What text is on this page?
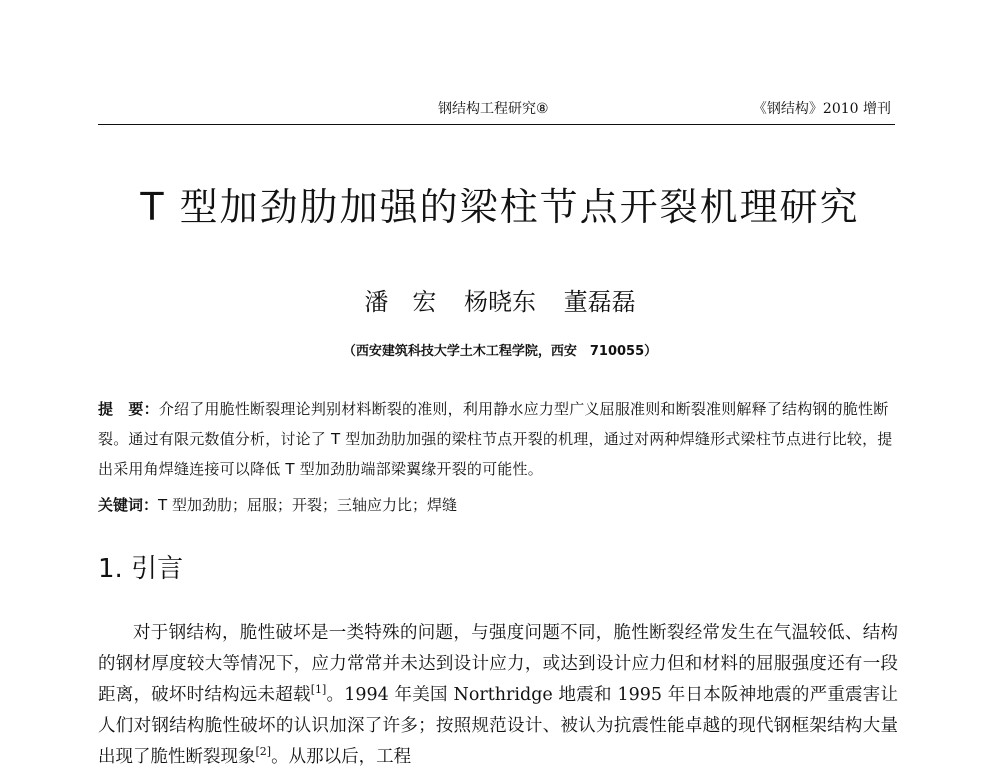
钢结构工程研究⑧	《钢结构》2010 增刊
T 型加劲肋加强的梁柱节点开裂机理研究
潘　宏 杨晓东 董磊磊
（西安建筑科技大学土木工程学院，西安　710055）
提　要：介绍了用脆性断裂理论判别材料断裂的准则，利用静水应力型广义屈服准则和断裂准则解释了结构钢的脆性断裂。通过有限元数值分析，讨论了 T 型加劲肋加强的梁柱节点开裂的机理，通过对两种焊缝形式梁柱节点进行比较，提出采用角焊缝连接可以降低 T 型加劲肋端部梁翼缘开裂的可能性。
关键词：T 型加劲肋；屈服；开裂；三轴应力比；焊缝
1. 引言

对于钢结构，脆性破坏是一类特殊的问题，与强度问题不同，脆性断裂经常发生在气温较低、结构的钢材厚度较大等情况下，应力常常并未达到设计应力，或达到设计应力但和材料的屈服强度还有一段距离，破坏时结构远未超载[1]。1994 年美国 Northridge 地震和 1995 年日本阪神地震的严重震害让人们对钢结构脆性破坏的认识加深了许多；按照规范设计、被认为抗震性能卓越的现代钢框架结构大量出现了脆性断裂现象[2]。从那以后，工程
